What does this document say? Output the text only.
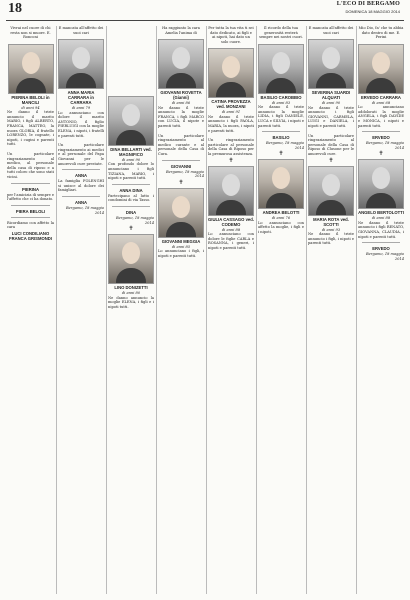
18	L'ECO DI BERGAMO
DOMENICA 18 MAGGIO 2014
Vivrai nel cuore di chi resta non si muore. E. Ronconi
PIERINA BELOLI in MANCILI
di anni 94
Ne danno il triste annuncio il marito MARIO, i figli ALBERTO, FRANCA, MATTEO, la nuora GLORIA, il fratello LORENZO, le cognate, i nipoti, i cugini e parenti tutti.
Un particolare ringraziamento al medico, al personale della casa di riposo e a tutti coloro che sono stati vicini.
PIERINA
per l'amicizia di sempre e l'affetto che ci ha donato.
PIERA BELOLI
Ricordiamo con affetto la cara
LUCI CONDILIANO FRANCA GRISMONDI
È mancata all'affetto dei suoi cari
ANNA MARIA CARRARA in CARRARA
di anni 79
Lo annunciano con dolore il marito ANTONIO, il figlio PIERLUIGI con la moglie ELENA, i nipoti, i fratelli e parenti tutti.
Un particolare ringraziamento ai medici e al personale del Papa Giovanni per le amorevoli cure prestate.
ANNA
La famiglia FOLENGHI si unisce al dolore dei famigliari.
ANNA
Bergamo, 18 maggio 2014
DINA BELLARTI ved. MAGNIFICO
di anni 90
Con profondo dolore lo annunciano i figli TIZIANA, MARIO, i nipoti e parenti tutti.
ANNA DINA
Partecipano al lutto i condomini di via Tasso.
DINA
Bergamo, 18 maggio 2014
✝
LINO DONIZETTI
di anni 80
Ne danno annuncio la moglie ELENA, i figli e i nipoti tutti.
Ha raggiunto la cara Amelia l'anima di
GIOVANNI ROVETTA (Gianni)
di anni 86
Ne danno il triste annuncio la moglie FRANCA, i figli MARCO con LUCIA, il nipote e parenti tutti.
Un particolare ringraziamento al medico curante e al personale della Casa di Cura.
GIOVANNI
Bergamo, 18 maggio 2014
✝
GIOVANNI MEGGIA
di anni 85
Lo annunciano i figli, i nipoti e parenti tutti.
Per tutta la tua vita ti sei dato dedicato, ai figli e ai nipoti, hai dato un solo cuore.
CATINA PROVEZZA ved. MONZANI
di anni 91
Ne danno il triste annuncio i figli PAOLA, MARIA, la nuora, i nipoti e parenti tutti.
Un ringraziamento particolare al personale della Casa di Riposo per la premurosa assistenza.
✝
GIULIA CASSAGO ved. CODEMO
di anni 88
Lo annunciano con dolore le figlie CARLA e ROSANNA, i generi, i nipoti e parenti tutti.
Il ricordo della tua generosità resterà sempre nei nostri cuori.
BASILIO CAROBBIO
di anni 83
Ne danno il triste annuncio la moglie LIDIA, i figli DANIELE, LUCA e SILVIA, i nipoti e parenti tutti.
BASILIO
Bergamo, 18 maggio 2014
✝
ANDREA BELOTTI
di anni 76
Lo annunciano con affetto la moglie, i figli e i nipoti.
È mancata all'affetto dei suoi cari
SEVERINA SUARDI ALQUATI
di anni 90
Ne danno il triste annuncio i figli GIOVANNI, CARMELA, LUIGI e DANIELA, i nipoti e parenti tutti.
Un particolare ringraziamento al personale della Casa di Riposo di Clusone per le amorevoli cure.
✝
MARIA ROTA ved. SCOTTI
di anni 93
Ne danno il triste annuncio i figli, i nipoti e parenti tutti.
Mio Dio, fa' che tu abbia dato dentro di me. E. Perini
ERVEDO CARRARA
di anni 68
Lo annunciano addolorati la moglie ANGELA, i figli DAVIDE e MONICA, i nipoti e parenti tutti.
ERVEDO
Bergamo, 18 maggio 2014
✝
ANGELO BERTOLOTTI
di anni 88
Ne danno il triste annuncio i figli RENATO, GIOVANNA, CLAUDIA, i nipoti e parenti tutti.
ERVEDO
Bergamo, 18 maggio 2014
